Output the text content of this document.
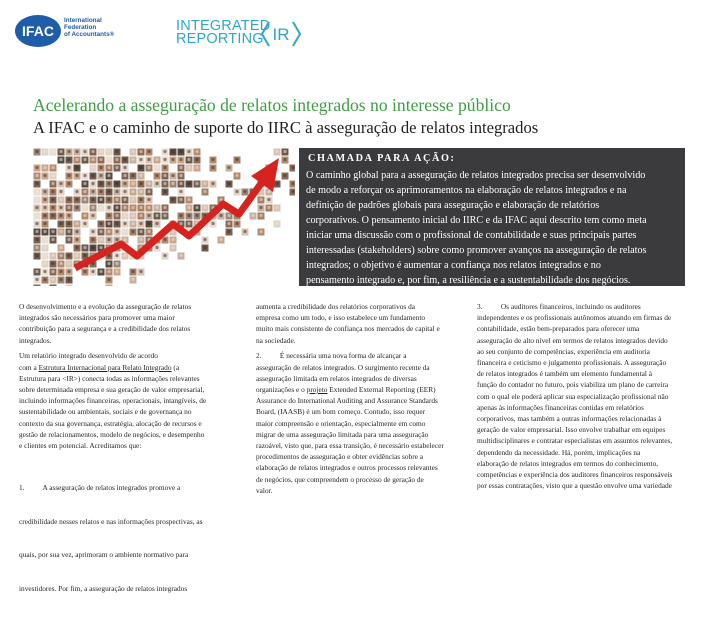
IFAC
International
Federation
of Accountants®
INTEGRATED
REPORTING IR
Acelerando a asseguração de relatos integrados no interesse público
A IFAC e o caminho de suporte do IIRC à asseguração de relatos integrados
CHAMADA PARA AÇÃO:
O caminho global para a asseguração de relatos integrados precisa ser desenvolvido
de modo a reforçar os aprimoramentos na elaboração de relatos integrados e na
definição de padrões globais para asseguração e elaboração de relatórios
corporativos. O pensamento inicial do IIRC e da IFAC aqui descrito tem como meta
iniciar uma discussão com o profissional de contabilidade e suas principais partes
interessadas (stakeholders) sobre como promover avanços na asseguração de relatos
integrados; o objetivo é aumentar a confiança nos relatos integrados e no
pensamento integrado e, por fim, a resiliência e a sustentabilidade dos negócios.
O desenvolvimento e a evolução da asseguração de relatos
integrados são necessários para promover uma maior
contribuição para a segurança e a credibilidade dos relatos
integrados.
Um relatório integrado desenvolvido de acordo
com a Estrutura Internacional para Relato Integrado (a
Estrutura para <IR>) conecta todas as informações relevantes
sobre determinada empresa e sua geração de valor empresarial,
incluindo informações financeiras, operacionais, intangíveis, de
sustentabilidade ou ambientais, sociais e de governança no
contexto da sua governança, estratégia, alocação de recursos e
gestão de relacionamentos, modelo de negócios, e desempenho
e clientes em potencial. Acreditamos que:

1.          A asseguração de relatos integrados promove a

credibilidade nesses relatos e nas informações prospectivas, as

quais, por sua vez, aprimoram o ambiente normativo para

investidores. Por fim, a asseguração de relatos integrados

aumenta a credibilidade dos relatórios corporativos da
empresa como um todo, e isso estabelece um fundamento
muito mais consistente de confiança nos mercados de capital e
na sociedade.
2.          É necessária uma nova forma de alcançar a
asseguração de relatos integrados. O surgimento recente da
asseguração limitada em relatos integrados de diversas
organizações e o projeto Extended External Reporting (EER)
Assurance do International Auditing and Assurance Standards
Board, (IAASB) é um bom começo. Contudo, isso requer
maior compreensão e orientação, especialmente em como
migrar de uma asseguração limitada para uma asseguração
razoável, visto que, para essa transição, é necessário estabelecer
procedimentos de asseguração e obter evidências sobre a
elaboração de relatos integrados e outros processos relevantes
de negócios, que compreendem o processo de geração de
valor.
3.          Os auditores financeiros, incluindo os auditores
independentes e os profissionais autônomos atuando em firmas de
contabilidade, estão bem-preparados para oferecer uma
asseguração de alto nível em termos de relatos integrados devido
ao seu conjunto de competências, experiência em auditoria
financeira e ceticismo e julgamento profissionais. A asseguração
de relatos integrados é também um elemento fundamental à
função do contador no futuro, pois viabiliza um plano de carreira
com o qual ele poderá aplicar sua especialização profissional não
apenas às informações financeiras contidas em relatórios
corporativos, mas também a outras informações relacionadas à
geração de valor empresarial. Isso envolve trabalhar em equipes
multidisciplinares e contratar especialistas em assuntos relevantes,
dependendo da necessidade. Há, porém, implicações na
elaboração de relatos integrados em termos do conhecimento,
competências e experiência dos auditores financeiros responsáveis
por essas contratações, visto que a questão envolve uma variedade
